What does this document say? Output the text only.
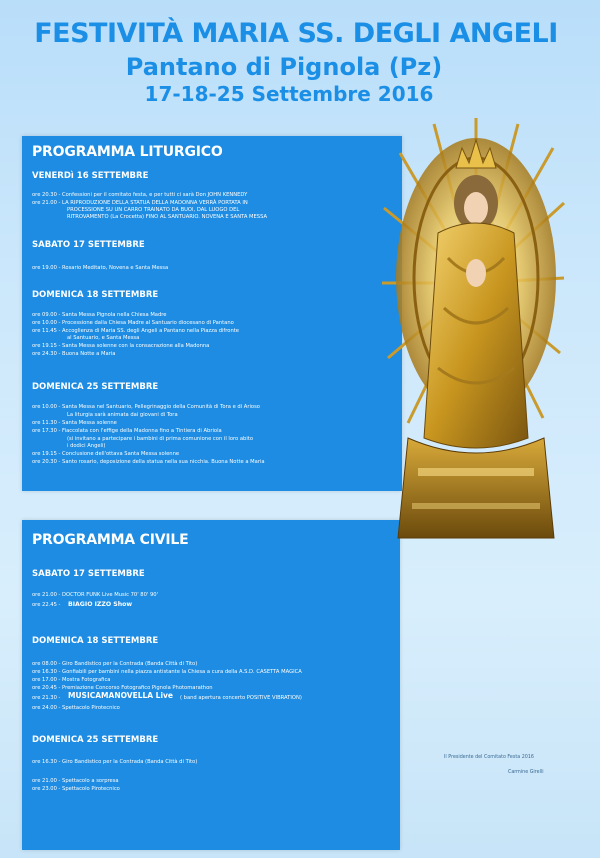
FESTIVITÀ MARIA SS. DEGLI ANGELI
Pantano di Pignola (Pz)
17-18-25 Settembre 2016
PROGRAMMA LITURGICO
VENERDì 16 SETTEMBRE
ore 20.30 - Confessioni per il comitato festa, e per tutti ci sarà Don JOHN KENNEDY
ore 21.00 - LA RIPRODUZIONE DELLA STATUA DELLA MADONNA VERRÀ PORTATA IN
PROCESSIONE SU UN CARRO TRAINATO DA BUOI, DAL LUOGO DEL
RITROVAMENTO (La Crocetta) FINO AL SANTUARIO. NOVENA E SANTA MESSA
SABATO 17 SETTEMBRE
ore 19.00 - Rosario Meditato, Novena e Santa Messa
DOMENICA 18 SETTEMBRE
ore 09.00 - Santa Messa Pignola nella Chiesa Madre
ore 10.00 - Processione dalla Chiesa Madre al Santuario diocesano di Pantano
ore 11.45 - Accoglienza di Maria SS. degli Angeli a Pantano nella Piazza difronte
al Santuario, e Santa Messa
ore 19.15 - Santa Messa solenne con la consacrazione alla Madonna
ore 24.30 - Buona Notte a Maria
DOMENICA 25 SETTEMBRE
ore 10.00 - Santa Messa nel Santuario, Pellegrinaggio della Comunità di Tora e di Arioso
La liturgia sarà animata dai giovani di Tora
ore 11.30 - Santa Messa solenne
ore 17.30 - Fiaccolata con l'effige della Madonna fino a Tintiera di Abriola
(si invitano a partecipare i bambini di prima comunione con il loro abito
i dodici Angeli)
ore 19.15 - Conclusione dell'ottava Santa Messa solenne
ore 20.30 - Santo rosario, deposizione della statua nella sua nicchia. Buona Notte a Maria
PROGRAMMA CIVILE
SABATO 17 SETTEMBRE
ore 21.00 - DOCTOR FUNK Live Music 70' 80' 90'
ore 22.45 - BIAGIO IZZO Show
DOMENICA 18 SETTEMBRE
ore 08.00 - Giro Bandistico per la Contrada (Banda Città di Tito)
ore 16.30 - Gonfiabili per bambini nella piazza antistante la Chiesa a cura della A.S.D. CASETTA MAGICA
ore 17.00 - Mostra Fotografica
ore 20.45 - Premiazione Concorso Fotografico Pignola Photomarathon
ore 21.30 - MUSICAMANOVELLA Live ( band apertura concerto POSITIVE VIBRATION)
ore 24.00 - Spettacolo Pirotecnico
DOMENICA 25 SETTEMBRE
ore 16.30 - Giro Bandistico per la Contrada (Banda Città di Tito)
ore 21.00 - Spettacolo a sorpresa
ore 23.00 - Spettacolo Pirotecnico
Il Presidente del Comitato Festa 2016
Carmine Girelli
